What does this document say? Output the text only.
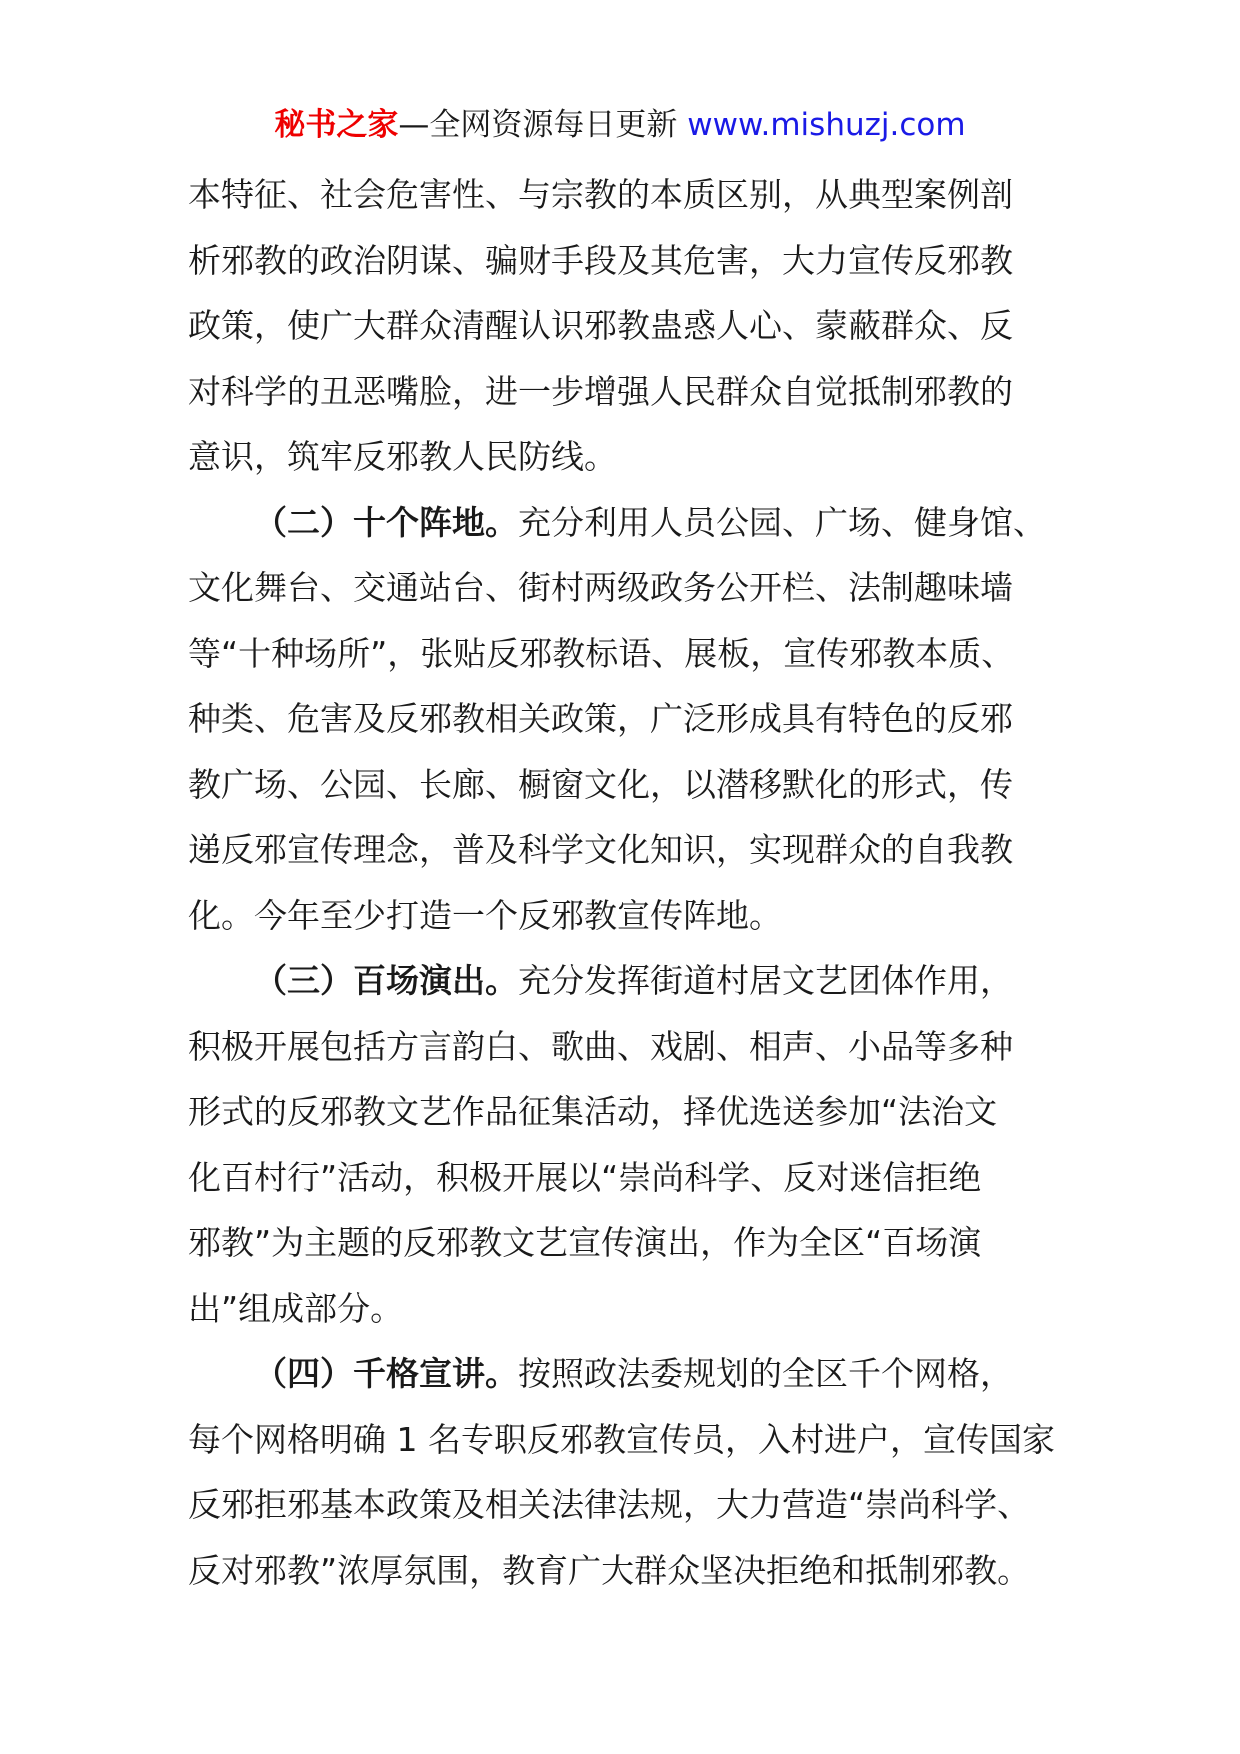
秘书之家—全网资源每日更新 www.mishuzj.com
本特征、社会危害性、与宗教的本质区别，从典型案例剖
析邪教的政治阴谋、骗财手段及其危害，大力宣传反邪教
政策，使广大群众清醒认识邪教蛊惑人心、蒙蔽群众、反
对科学的丑恶嘴脸，进一步增强人民群众自觉抵制邪教的
意识，筑牢反邪教人民防线。
（二）十个阵地。充分利用人员公园、广场、健身馆、
文化舞台、交通站台、街村两级政务公开栏、法制趣味墙
等“十种场所”，张贴反邪教标语、展板，宣传邪教本质、
种类、危害及反邪教相关政策，广泛形成具有特色的反邪
教广场、公园、长廊、橱窗文化，以潜移默化的形式，传
递反邪宣传理念，普及科学文化知识，实现群众的自我教
化。今年至少打造一个反邪教宣传阵地。
（三）百场演出。充分发挥街道村居文艺团体作用，
积极开展包括方言韵白、歌曲、戏剧、相声、小品等多种
形式的反邪教文艺作品征集活动，择优选送参加“法治文
化百村行”活动，积极开展以“崇尚科学、反对迷信拒绝
邪教”为主题的反邪教文艺宣传演出，作为全区“百场演
出”组成部分。
（四）千格宣讲。按照政法委规划的全区千个网格，
每个网格明确 1 名专职反邪教宣传员，入村进户，宣传国家
反邪拒邪基本政策及相关法律法规，大力营造“崇尚科学、
反对邪教”浓厚氛围，教育广大群众坚决拒绝和抵制邪教。
